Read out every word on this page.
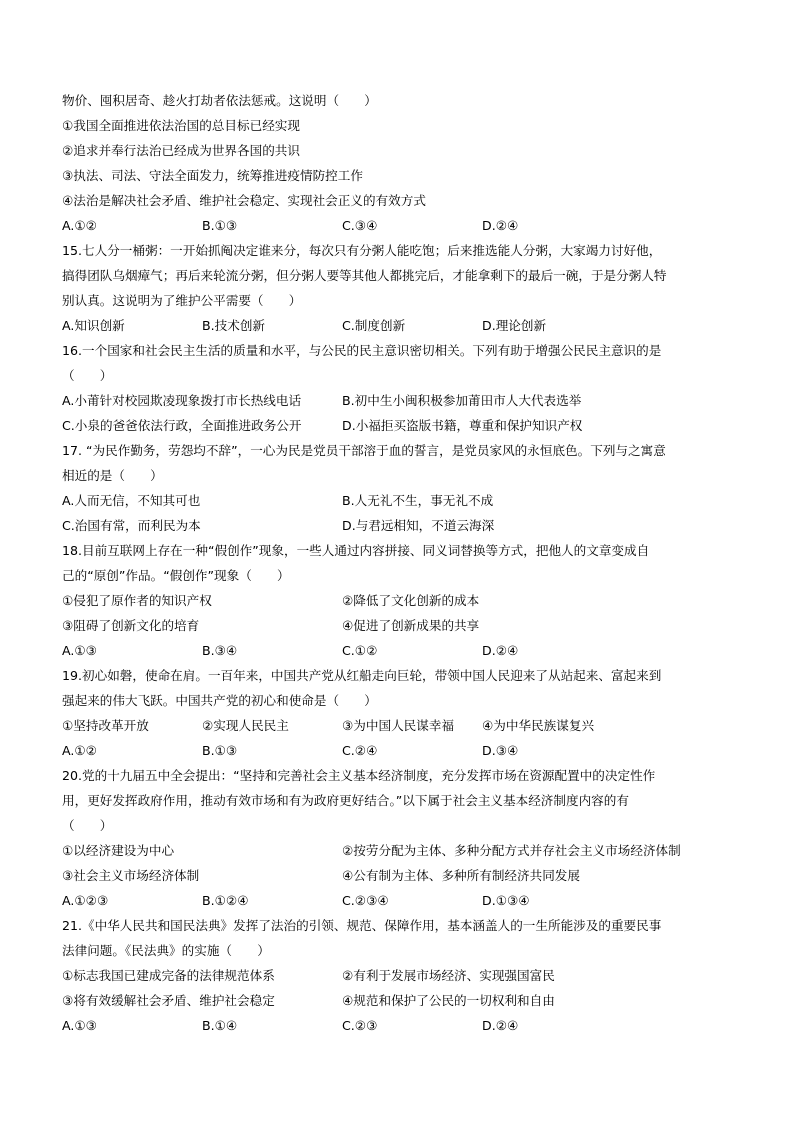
物价、囤积居奇、趁火打劫者依法惩戒。这说明（　　）
①我国全面推进依法治国的总目标已经实现
②追求并奉行法治已经成为世界各国的共识
③执法、司法、守法全面发力，统筹推进疫情防控工作
④法治是解决社会矛盾、维护社会稳定、实现社会正义的有效方式
A.①②	B.①③	C.③④	D.②④
15.七人分一桶粥：一开始抓阄决定谁来分，每次只有分粥人能吃饱；后来推选能人分粥，大家竭力讨好他，
搞得团队乌烟瘴气；再后来轮流分粥，但分粥人要等其他人都挑完后，才能拿剩下的最后一碗，于是分粥人特
别认真。这说明为了维护公平需要（　　）
A.知识创新	B.技术创新	C.制度创新	D.理论创新
16.一个国家和社会民主生活的质量和水平，与公民的民主意识密切相关。下列有助于增强公民民主意识的是
（　　）
A.小莆针对校园欺凌现象拨打市长热线电话	B.初中生小闽积极参加莆田市人大代表选举
C.小泉的爸爸依法行政，全面推进政务公开	D.小福拒买盗版书籍，尊重和保护知识产权
17. “为民作勤务，劳怨均不辞”，一心为民是党员干部溶于血的誓言，是党员家风的永恒底色。下列与之寓意
相近的是（　　）
A.人而无信，不知其可也	B.人无礼不生，事无礼不成
C.治国有常，而利民为本	D.与君远相知，不道云海深
18.目前互联网上存在一种“假创作”现象，一些人通过内容拼接、同义词替换等方式，把他人的文章变成自
己的“原创”作品。“假创作”现象（　　）
①侵犯了原作者的知识产权	②降低了文化创新的成本
③阻碍了创新文化的培育	④促进了创新成果的共享
A.①③	B.③④	C.①②	D.②④
19.初心如磐，使命在肩。一百年来，中国共产党从红船走向巨轮，带领中国人民迎来了从站起来、富起来到
强起来的伟大飞跃。中国共产党的初心和使命是（　　）
①坚持改革开放	②实现人民民主	③为中国人民谋幸福	④为中华民族谋复兴
A.①②	B.①③	C.②④	D.③④
20.党的十九届五中全会提出：“坚持和完善社会主义基本经济制度，充分发挥市场在资源配置中的决定性作
用，更好发挥政府作用，推动有效市场和有为政府更好结合。”以下属于社会主义基本经济制度内容的有
（　　）
①以经济建设为中心	②按劳分配为主体、多种分配方式并存社会主义市场经济体制
③社会主义市场经济体制	④公有制为主体、多种所有制经济共同发展
A.①②③	B.①②④	C.②③④	D.①③④
21.《中华人民共和国民法典》发挥了法治的引领、规范、保障作用，基本涵盖人的一生所能涉及的重要民事
法律问题。《民法典》的实施（　　）
①标志我国已建成完备的法律规范体系	②有利于发展市场经济、实现强国富民
③将有效缓解社会矛盾、维护社会稳定	④规范和保护了公民的一切权利和自由
A.①③	B.①④	C.②③	D.②④
